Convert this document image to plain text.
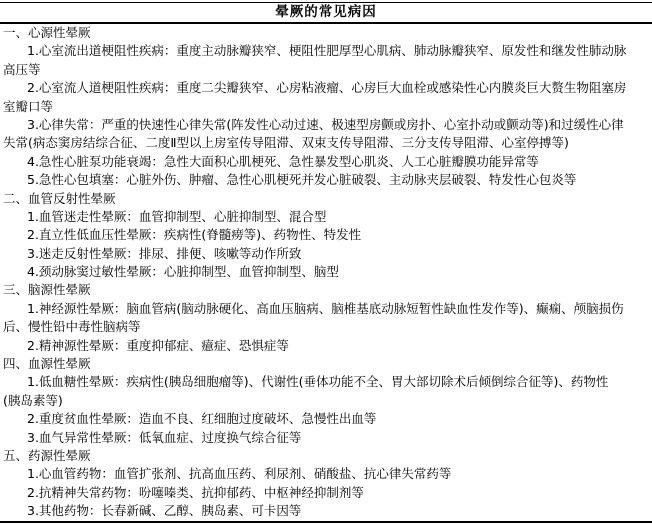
晕厥的常见病因
一、心源性晕厥
1.心室流出道梗阻性疾病：重度主动脉瓣狭窄、梗阻性肥厚型心肌病、肺动脉瓣狭窄、原发性和继发性肺动脉
高压等
2.心室流人道梗阻性疾病：重度二尖瓣狭窄、心房粘液瘤、心房巨大血栓或感染性心内膜炎巨大赘生物阻塞房
室瓣口等
3.心律失常：严重的快速性心律失常(阵发性心动过速、极速型房颤或房扑、心室扑动或颤动等)和过缓性心律
失常(病态窦房结综合征、二度Ⅱ型以上房室传导阻滞、双束支传导阻滞、三分支传导阻滞、心室停搏等)
4.急性心脏泵功能衰竭：急性大面积心肌梗死、急性暴发型心肌炎、人工心脏瓣膜功能异常等
5.急性心包填塞：心脏外伤、肿瘤、急性心肌梗死并发心脏破裂、主动脉夹层破裂、特发性心包炎等
二、血管反射性晕厥
1.血管迷走性晕厥：血管抑制型、心脏抑制型、混合型
2.直立性低血压性晕厥：疾病性(脊髓痨等)、药物性、特发性
3.迷走反射性晕厥：排尿、排便、咳嗽等动作所致
4.颈动脉窦过敏性晕厥：心脏抑制型、血管抑制型、脑型
三、脑源性晕厥
1.神经源性晕厥：脑血管病(脑动脉硬化、高血压脑病、脑椎基底动脉短暂性缺血性发作等)、癫痫、颅脑损伤
后、慢性铅中毒性脑病等
2.精神源性晕厥：重度抑郁症、癔症、恐惧症等
四、血源性晕厥
1.低血糖性晕厥：疾病性(胰岛细胞瘤等)、代谢性(垂体功能不全、胃大部切除术后倾倒综合征等)、药物性
(胰岛素等)
2.重度贫血性晕厥：造血不良、红细胞过度破坏、急慢性出血等
3.血气异常性晕厥：低氧血症、过度换气综合征等
五、药源性晕厥
1.心血管药物：血管扩张剂、抗高血压药、利尿剂、硝酸盐、抗心律失常药等
2.抗精神失常药物：吩噻嗪类、抗抑郁药、中枢神经抑制剂等
3.其他药物：长春新碱、乙醇、胰岛素、可卡因等
